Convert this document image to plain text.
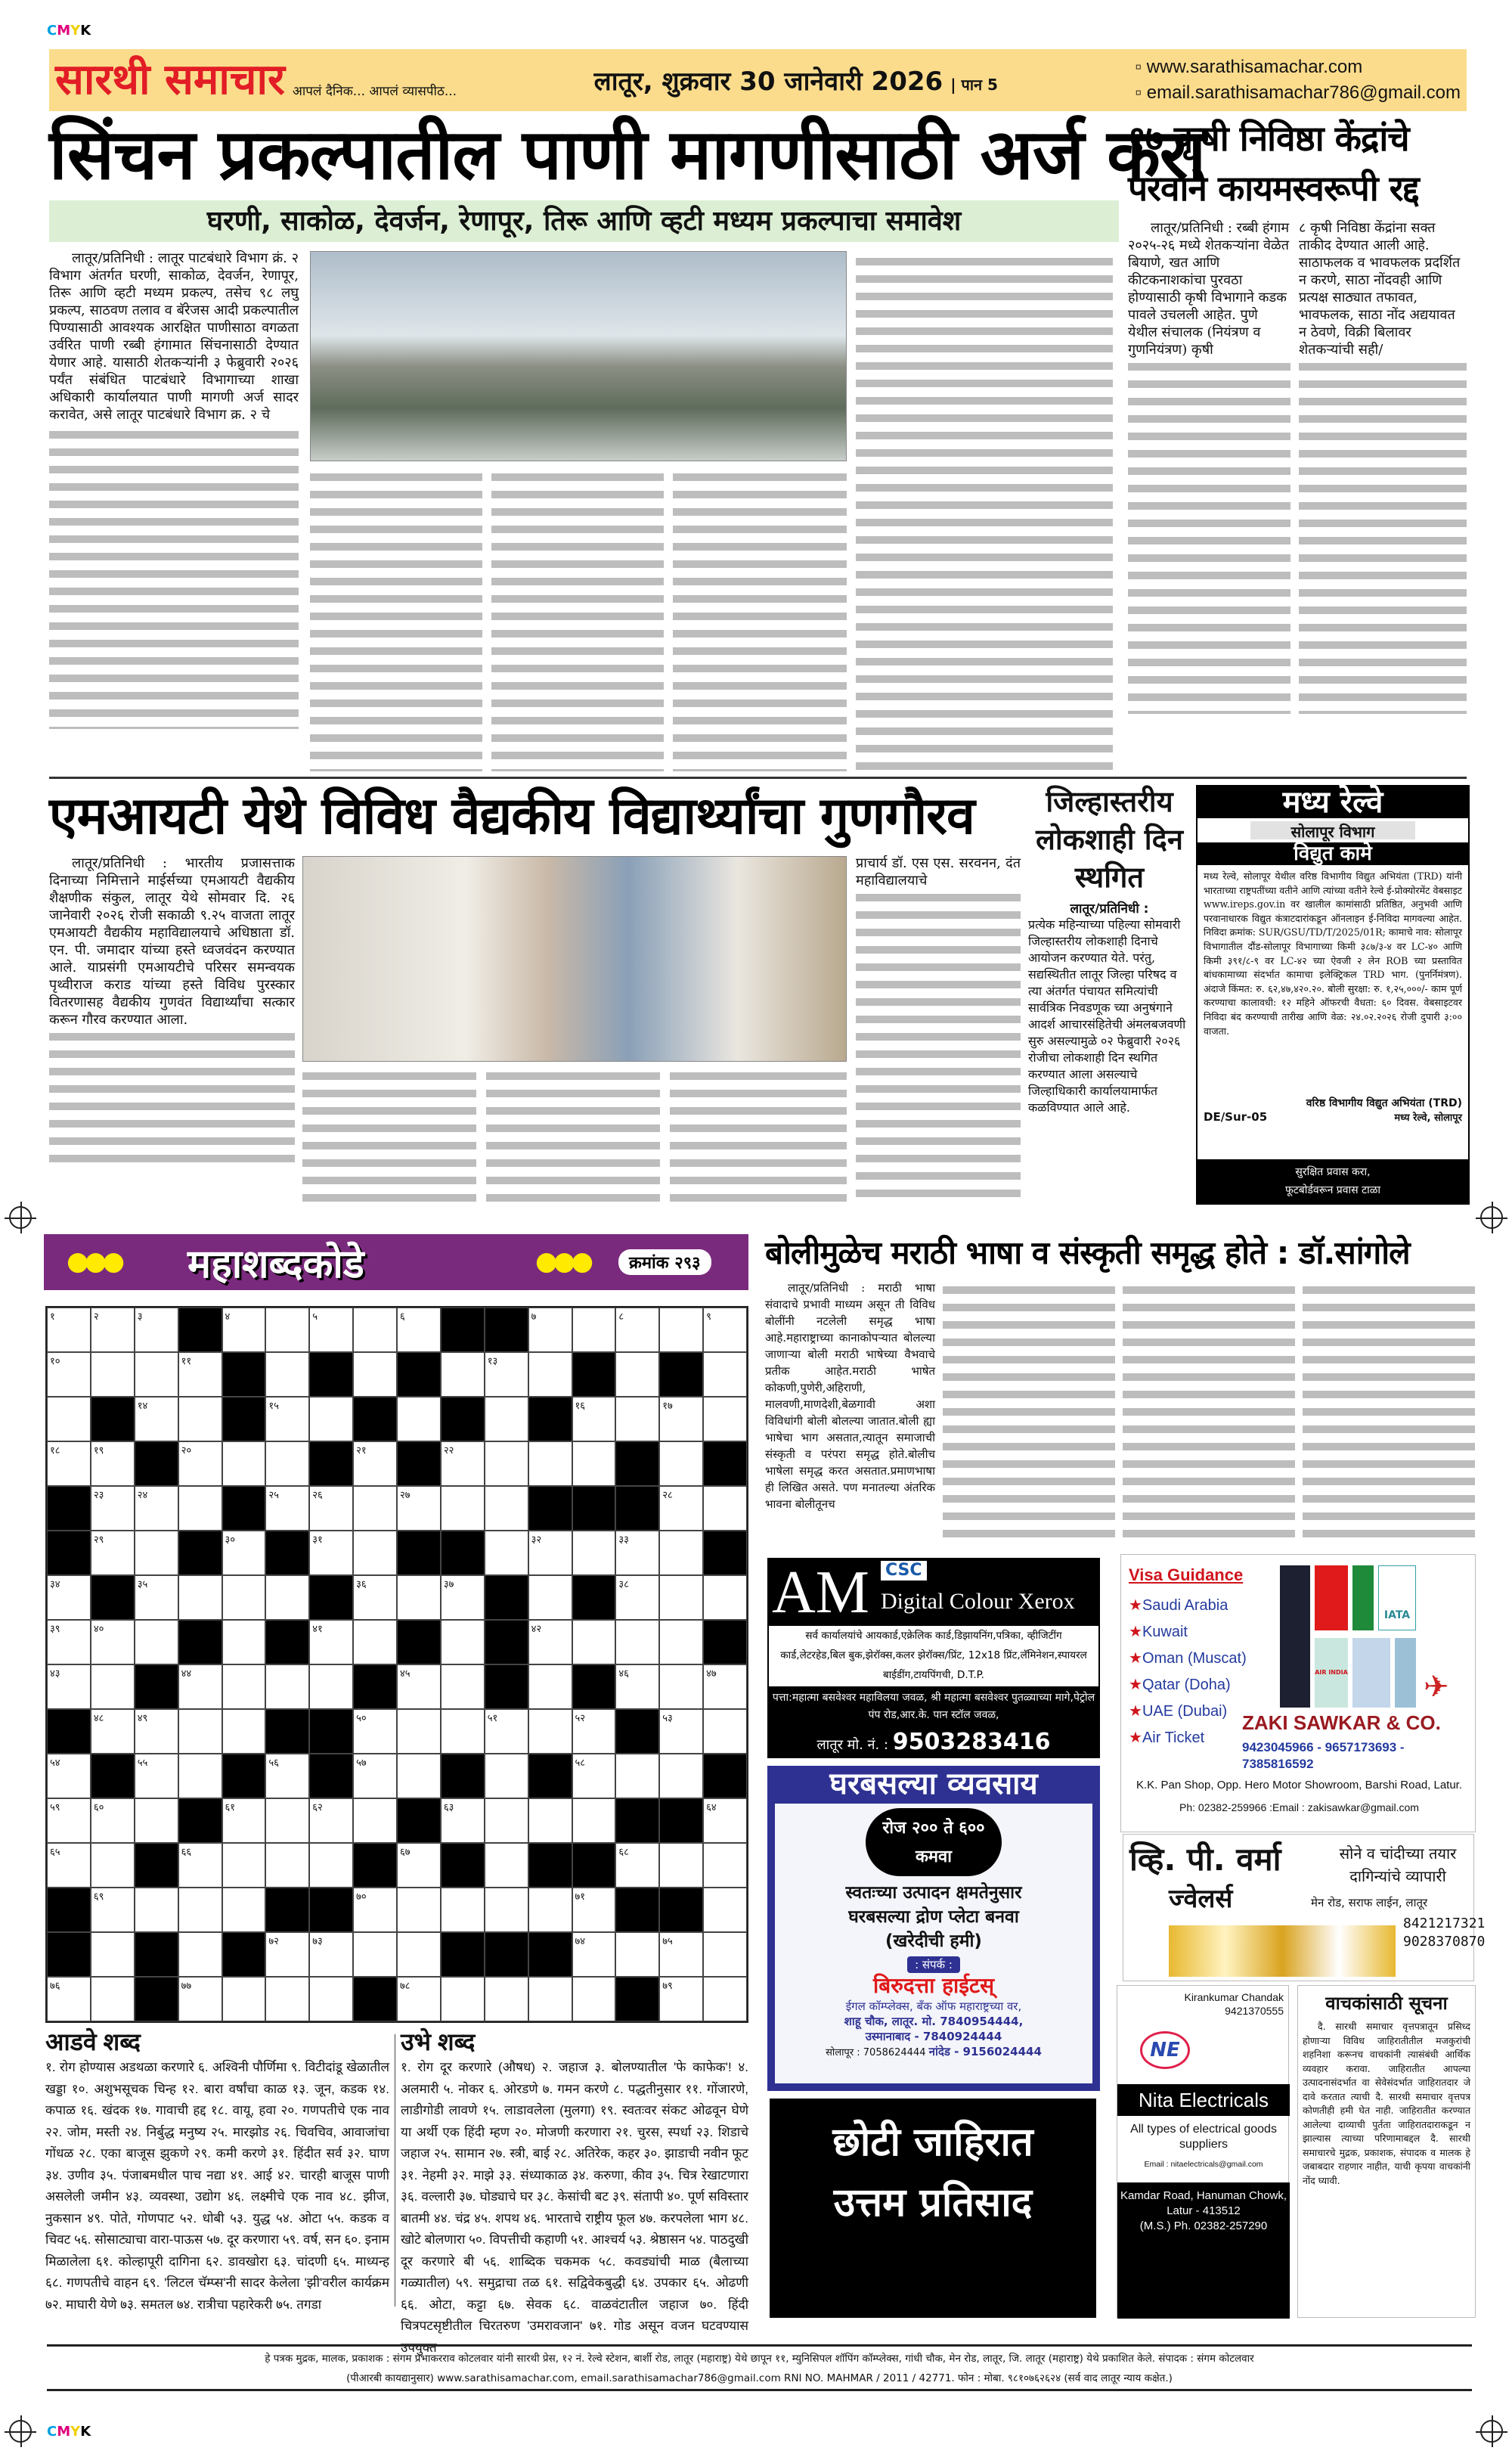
CMYK
CMYK
सारथी समाचार आपलं दैनिक... आपलं व्यासपीठ...	लातूर, शुक्रवार 30 जानेवारी 2026 | पान 5
▫ www.sarathisamachar.com
▫ email.sarathisamachar786@gmail.com
सिंचन प्रकल्पातील पाणी मागणीसाठी अर्ज करा
घरणी, साकोळ, देवर्जन, रेणापूर, तिरू आणि व्हटी मध्यम प्रकल्पाचा समावेश

लातूर/प्रतिनिधी : लातूर पाटबंधारे विभाग क्रं. २ विभाग अंतर्गत घरणी, साकोळ, देवर्जन, रेणापूर, तिरू आणि व्हटी मध्यम प्रकल्प, तसेच ९८ लघु प्रकल्प, साठवण तलाव व बॅरेजस आदी प्रकल्पातील पिण्यासाठी आवश्यक आरक्षित पाणीसाठा वगळता उर्वरित पाणी रब्बी हंगामात सिंचनासाठी देण्यात येणार आहे. यासाठी शेतकऱ्यांनी ३ फेब्रुवारी २०२६ पर्यंत संबंधित पाटबंधारे विभागाच्या शाखा अधिकारी कार्यालयात पाणी मागणी अर्ज सादर करावेत, असे लातूर पाटबंधारे विभाग क्र. २ चे

१७ कृषी निविष्ठा केंद्रांचे
परवाने कायमस्वरूपी रद्द

लातूर/प्रतिनिधी : रब्बी हंगाम २०२५-२६ मध्ये शेतकऱ्यांना वेळेत बियाणे, खत आणि कीटकनाशकांचा पुरवठा होण्यासाठी कृषी विभागाने कडक पावले उचलली आहेत. पुणे येथील संचालक (नियंत्रण व गुणनियंत्रण) कृषी

८ कृषी निविष्ठा केंद्रांना सक्त ताकीद देण्यात आली आहे. साठाफलक व भावफलक प्रदर्शित न करणे, साठा नोंदवही आणि प्रत्यक्ष साठ्यात तफावत, भावफलक, साठा नोंद अद्ययावत न ठेवणे, विक्री बिलावर शेतकऱ्यांची सही/

एमआयटी येथे विविध वैद्यकीय विद्यार्थ्यांचा गुणगौरव

लातूर/प्रतिनिधी : भारतीय प्रजासत्ताक दिनाच्या निमित्ताने माईर्सच्या एमआयटी वैद्यकीय शैक्षणीक संकुल, लातूर येथे सोमवार दि. २६ जानेवारी २०२६ रोजी सकाळी ९.२५ वाजता लातूर एमआयटी वैद्यकीय महाविद्यालयाचे अधिष्ठाता डॉ. एन. पी. जमादार यांच्या हस्ते ध्वजवंदन करण्यात आले. याप्रसंगी एमआयटीचे परिसर समन्वयक पृथ्वीराज कराड यांच्या हस्ते विविध पुरस्कार वितरणासह वैद्यकीय गुणवंत विद्यार्थ्यांचा सत्कार करून गौरव करण्यात आला.

प्राचार्य डॉ. एस एस. सरवनन, दंत महाविद्यालयाचे
जिल्हास्तरीय लोकशाही दिन स्थगित
लातूर/प्रतिनिधी :
प्रत्येक महिन्याच्या पहिल्या सोमवारी जिल्हास्तरीय लोकशाही दिनाचे आयोजन करण्यात येते. परंतु, सद्यस्थितीत लातूर जिल्हा परिषद व त्या अंतर्गत पंचायत समित्यांची सार्वत्रिक निवडणूक च्या अनुषंगाने आदर्श आचारसंहितेची अंमलबजवणी सुरु असल्यामुळे ०२ फेब्रुवारी २०२६ रोजीचा लोकशाही दिन स्थगित करण्यात आला असल्याचे जिल्हाधिकारी कार्यालयामार्फत कळविण्यात आले आहे.
मध्य रेल्वे
सोलापूर विभाग
विद्युत कामे
मध्य रेल्वे, सोलापूर येथील वरिष्ठ विभागीय विद्युत अभियंता (TRD) यांनी भारताच्या राष्ट्रपतींच्या वतीने आणि त्यांच्या वतीने रेल्वे ई-प्रोक्योरमेंट वेबसाइट www.ireps.gov.in वर खालील कामांसाठी प्रतिष्ठित, अनुभवी आणि परवानाधारक विद्युत कंत्राटदारांकडून ऑनलाइन ई-निविदा मागवल्या आहेत. निविदा क्रमांक: SUR/GSU/TD/T/2025/01R; कामाचे नाव: सोलापूर विभागातील दौंड-सोलापूर विभागाच्या किमी ३८७/३-४ वर LC-४० आणि किमी ३९१/८-९ वर LC-४२ च्या ऐवजी २ लेन ROB च्या प्रस्तावित बांधकामाच्या संदर्भात कामाचा इलेक्ट्रिकल TRD भाग. (पुनर्निमंत्रण). अंदाजे किंमत: रु. ६२,४७,४२०.२०. बोली सुरक्षा: रु. १,२५,०००/- काम पूर्ण करण्याचा कालावधी: १२ महिने ऑफरची वैधता: ६० दिवस. वेबसाइटवर निविदा बंद करण्याची तारीख आणि वेळ: २४.०२.२०२६ रोजी दुपारी ३:०० वाजता.
वरिष्ठ विभागीय विद्युत अभियंता (TRD)
DE/Sur-05	मध्य रेल्वे, सोलापूर
सुरक्षित प्रवास करा,
फूटबोर्डवरून प्रवास टाळा
●●● महाशब्दकोडे	●●●	क्रमांक २९३
१	२	३	४	५	६	७	८	९
१०	११	१३
१४	१५	१६	१७
१८	१९	२०	२१	२२
२३	२४	२५	२६	२७	२८
२९	३०	३१	३२	३३
३४	३५	३६	३७	३८
३९	४०	४१	४२
४३	४४	४५	४६	४७
४८	४९	५०	५१	५२	५३
५४	५५	५६	५७	५८
५९	६०	६१	६२	६३	६४
६५	६६	६७	६८
६९	७०	७१
७२	७३	७४	७५
७६	७७	७८	७९
आडवे शब्द
१. रोग होण्यास अडथळा करणारे ६. अश्विनी पौर्णिमा ९. विटीदांडू खेळातील खड्डा १०. अशुभसूचक चिन्ह १२. बारा वर्षांचा काळ १३. जून, कडक १४. कपाळ १६. खंदक १७. गावाची हद्द १८. वायू, हवा २०. गणपतीचे एक नाव २२. जोम, मस्ती २४. निर्बुद्ध मनुष्य २५. मारझोड २६. चिवचिव, आवाजांचा गोंधळ २८. एका बाजूस झुकणे २९. कमी करणे ३१. हिंदीत सर्व ३२. घाण ३४. उणीव ३५. पंजाबमधील पाच नद्या ४१. आई ४२. चारही बाजूस पाणी असलेली जमीन ४३. व्यवस्था, उद्योग ४६. लक्ष्मीचे एक नाव ४८. झीज, नुकसान ४९. पोते, गोणपाट ५२. धोबी ५३. युद्ध ५४. ओटा ५५. कडक व चिवट ५६. सोसाट्याचा वारा-पाऊस ५७. दूर करणारा ५९. वर्ष, सन ६०. इनाम मिळालेला ६१. कोल्हापूरी दागिना ६२. डावखोरा ६३. चांदणी ६५. माध्यन्ह ६८. गणपतीचे वाहन ६९. 'लिटल चॅम्प्स'नी सादर केलेला 'झी'वरील कार्यक्रम ७२. माघारी येणे ७३. समतल ७४. रात्रीचा पहारेकरी ७५. तगडा
उभे शब्द
१. रोग दूर करणारे (औषध) २. जहाज ३. बोलण्यातील 'फे काफेक'! ४. अलमारी ५. नोकर ६. ओरडणे ७. गमन करणे ८. पद्धतीनुसार ११. गोंजारणे, लाडीगोडी लावणे १५. लाडावलेला (मुलगा) १९. स्वतःवर संकट ओढवून घेणे या अर्थी एक हिंदी म्हण २०. मोजणी करणारा २१. चुरस, स्पर्धा २३. शिडाचे जहाज २५. सामान २७. स्त्री, बाई २८. अतिरेक, कहर ३०. झाडाची नवीन फूट ३१. नेहमी ३२. माझे ३३. संध्याकाळ ३४. करुणा, कीव ३५. चित्र रेखाटणारा ३६. वल्लारी ३७. घोड्याचे घर ३८. केसांची बट ३९. संतापी ४०. पूर्ण सविस्तार बातमी ४४. चंद्र ४५. शपथ ४६. भारताचे राष्ट्रीय फूल ४७. करपलेला भाग ४८. खोटे बोलणारा ५०. विपत्तीची कहाणी ५१. आश्चर्य ५३. श्रेष्ठासन ५४. पाठदुखी दूर करणारे बी ५६. शाब्दिक चकमक ५८. कवड्यांची माळ (बैलाच्या गळ्यातील) ५९. समुद्राचा तळ ६१. सद्विवेकबुद्धी ६४. उपकार ६५. ओढणी ६६. ओटा, कट्टा ६७. सेवक ६८. वाळवंटातील जहाज ७०. हिंदी चित्रपटसृष्टीतील चिरतरुण 'उमरावजान' ७१. गोड असून वजन घटवण्यास उपयुक्त
बोलीमुळेच मराठी भाषा व संस्कृती समृद्ध होते : डॉ.सांगोले

लातूर/प्रतिनिधी : मराठी भाषा संवादाचे प्रभावी माध्यम असून ती विविध बोलींनी नटलेली समृद्ध भाषा आहे.महाराष्ट्राच्या कानाकोपऱ्यात बोलल्या जाणाऱ्या बोली मराठी भाषेच्या वैभवाचे प्रतीक आहेत.मराठी भाषेत कोकणी,पुणेरी,अहिराणी, मालवणी,माणदेशी,बेळगावी अशा विविधांगी बोली बोलल्या जातात.बोली ह्या भाषेचा भाग असतात,त्यातून समाजाची संस्कृती व परंपरा समृद्ध होते.बोलीच भाषेला समृद्ध करत असतात.प्रमाणभाषा ही लिखित असते. पण मनातल्या अंतरिक भावना बोलीतूनच

AM CSC
Digital Colour Xerox
सर्व कार्यालयांचे आयकार्ड,एक्रेलिक कार्ड,डिझायनिंग,पत्रिका, व्हीजिटींग कार्ड,लेटरहेड,बिल बुक,झेरॉक्स,कलर झेरॉक्स/प्रिंट, 12x18 प्रिंट,लॅमिनेशन,स्पायरल बाईडींग,टायपिंगची, D.T.P.
पत्ता:महात्मा बसवेश्वर महाविलया जवळ, श्री महात्मा बसवेश्वर पुतळ्याच्या मागे,पेट्रोल पंप रोड,आर.के. पान स्टॉल जवळ,
लातूर मो. नं. : 9503283416
Visa Guidance
★Saudi Arabia
★Kuwait
★Oman (Muscat)
★Qatar (Doha)
★UAE (Dubai)
★Air Ticket
IATA
AIR INDIA	✈
ZAKI SAWKAR & CO.
9423045966 - 9657173693 - 7385816592
K.K. Pan Shop, Opp. Hero Motor Showroom, Barshi Road, Latur.
Ph: 02382-259966 :Email : zakisawkar@gmail.com
घरबसल्या व्यवसाय
रोज २०० ते ६०० कमवा
स्वतःच्या उत्पादन क्षमतेनुसार
घरबसल्या द्रोण प्लेटा बनवा
(खरेदीची हमी)
: संपर्क :
बिरुदत्ता हाईटस्
ईगल कॉम्प्लेक्स, बँक ऑफ महाराष्ट्रच्या वर,
शाहू चौक, लातूर. मो. 7840954444,
उस्मानाबाद - 7840924444
सोलापूर : 7058624444 नांदेड - 9156024444
व्हि. पी. वर्मा
ज्वेलर्स
सोने व चांदीच्या तयार दागिन्यांचे व्यापारी
मेन रोड, सराफ लाईन, लातूर
8421217321
9028370870
Kirankumar Chandak
9421370555
NE
Nita Electricals
All types of electrical goods suppliers
Email : nitaelectricals@gmail.com
Kamdar Road, Hanuman Chowk, Latur - 413512
(M.S.) Ph. 02382-257290
वाचकांसाठी सूचना
दै. सारथी समाचार वृत्तपत्रातून प्रसिध्द होणाऱ्या विविध जाहिरातीतील मजकुरांची शहनिशा करूनच वाचकांनी त्यासंबंधी आर्थिक व्यवहार करावा. जाहिरातीत आपल्या उत्पादनासंदर्भात वा सेवेसंदर्भात जाहिरातदार जे दावे करतात त्याची दै. सारथी समाचार वृत्तपत्र कोणतीही हमी घेत नाही. जाहिरातीत करण्यात आलेल्या दाव्याची पुर्तता जाहिरातदाराकडून न झाल्यास त्याच्या परिणामाबद्दल दै. सारथी समाचारचे मुद्रक, प्रकाशक, संपादक व मालक हे जबाबदार राहणार नाहीत, याची कृपया वाचकांनी नोंद घ्यावी.
छोटी जाहिरात
उत्तम प्रतिसाद
हे पत्रक मुद्रक, मालक, प्रकाशक : संगम प्रभाकरराव कोटलवार यांनी सारथी प्रेस, १२ नं. रेल्वे स्टेशन, बार्शी रोड, लातूर (महाराष्ट्र) येथे छापून ११, म्युनिसिपल शॉपिंग कॉम्प्लेक्स, गांधी चौक, मेन रोड, लातूर, जि. लातूर (महाराष्ट्र) येथे प्रकाशित केले. संपादक : संगम कोटलवार
(पीआरबी कायद्यानुसार) www.sarathisamachar.com, email.sarathisamachar786@gmail.com RNI NO. MAHMAR / 2011 / 42771. फोन : मोबा. ९८१०७६२६२४ (सर्व वाद लातूर न्याय कक्षेत.)
